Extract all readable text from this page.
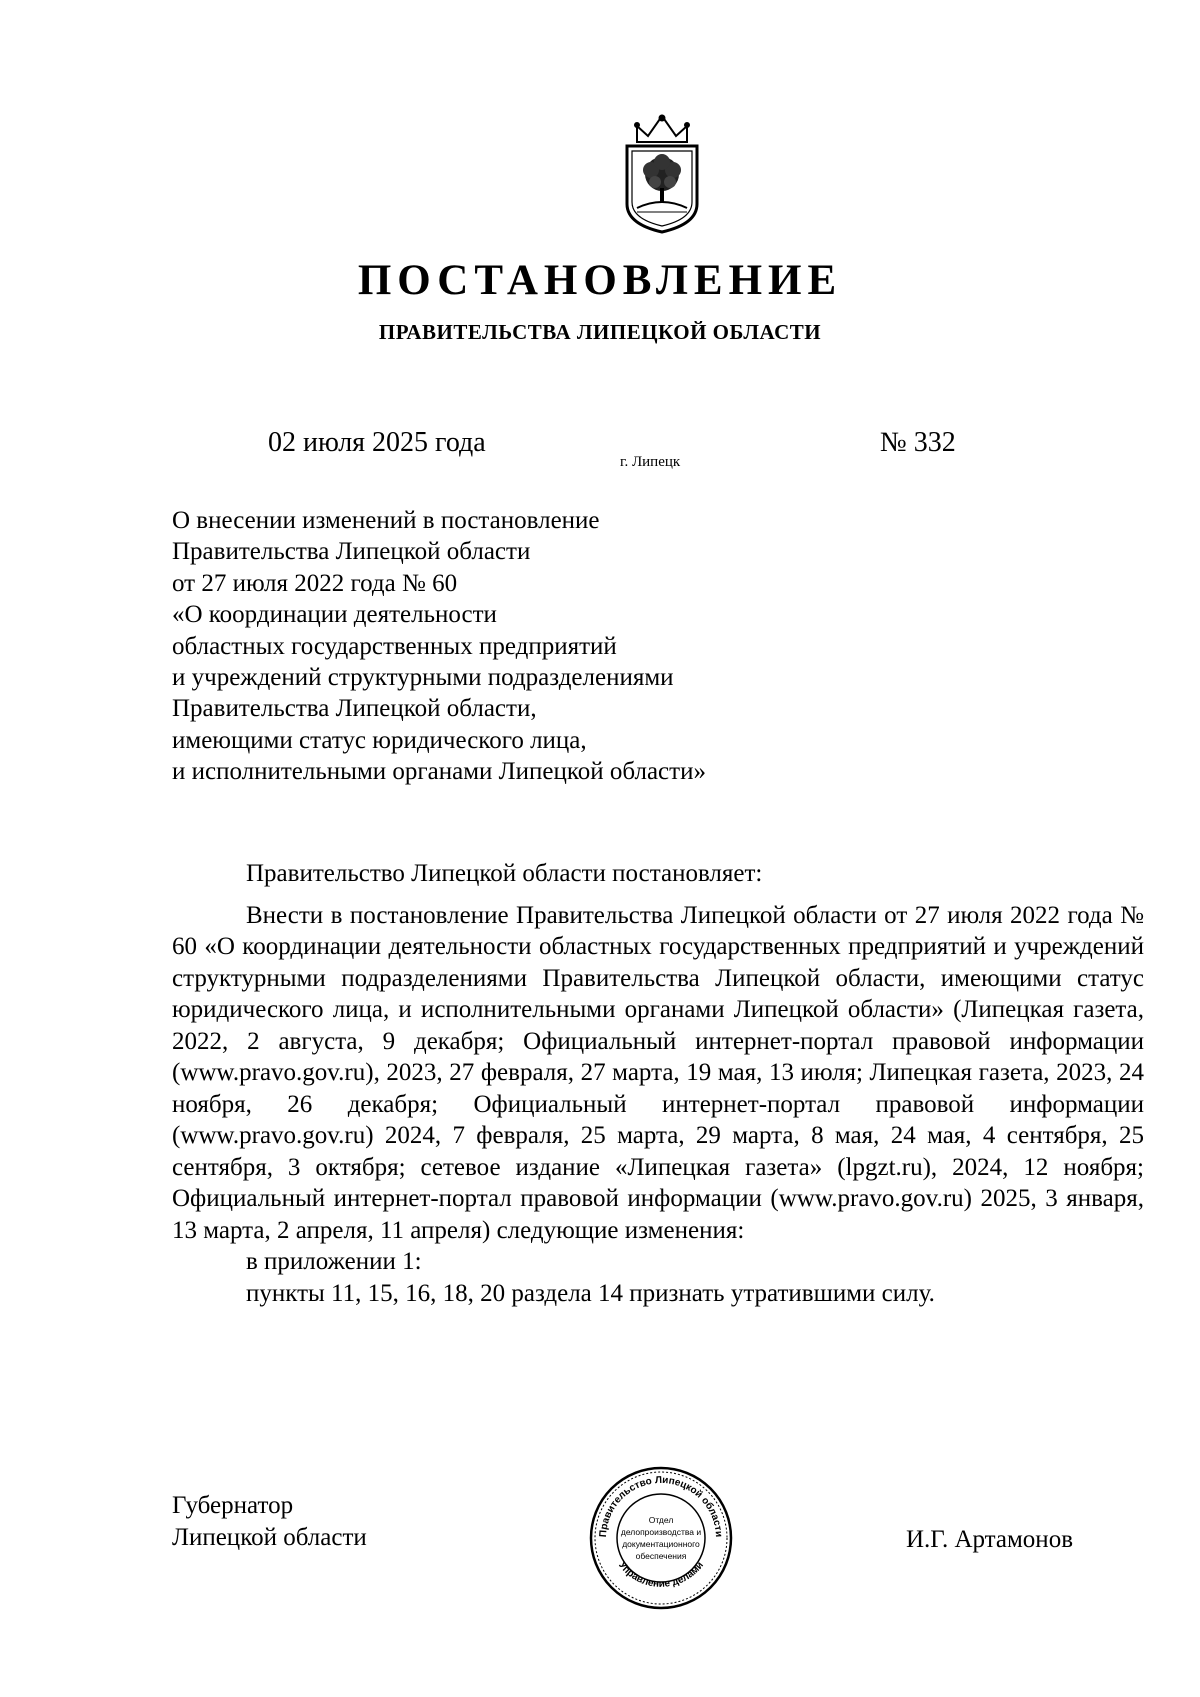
ПОСТАНОВЛЕНИЕ
ПРАВИТЕЛЬСТВА ЛИПЕЦКОЙ ОБЛАСТИ
02 июля 2025 года
г. Липецк
№ 332
О внесении изменений в постановление
Правительства Липецкой области
от 27 июля 2022 года № 60
«О координации деятельности
областных государственных предприятий
и учреждений структурными подразделениями
Правительства Липецкой области,
имеющими статус юридического лица,
и исполнительными органами Липецкой области»

Правительство Липецкой области постановляет:

Внести в постановление Правительства Липецкой области от 27 июля 2022 года № 60 «О координации деятельности областных государственных предприятий и учреждений структурными подразделениями Правительства Липецкой области, имеющими статус юридического лица, и исполнительными органами Липецкой области» (Липецкая газета, 2022, 2 августа, 9 декабря; Официальный интернет-портал правовой информации (www.pravo.gov.ru), 2023, 27 февраля, 27 марта, 19 мая, 13 июля; Липецкая газета, 2023, 24 ноября, 26 декабря; Официальный интернет-портал правовой информации (www.pravo.gov.ru) 2024, 7 февраля, 25 марта, 29 марта, 8 мая, 24 мая, 4 сентября, 25 сентября, 3 октября; сетевое издание «Липецкая газета» (lpgzt.ru), 2024, 12 ноября; Официальный интернет-портал правовой информации (www.pravo.gov.ru) 2025, 3 января, 13 марта, 2 апреля, 11 апреля) следующие изменения:

в приложении 1:

пункты 11, 15, 16, 18, 20 раздела 14 признать утратившими силу.

Губернатор
Липецкой области	Правительство Липецкой области
Управление делами
Отдел
делопроизводства и
документационного
обеспечения
И.Г. Артамонов
